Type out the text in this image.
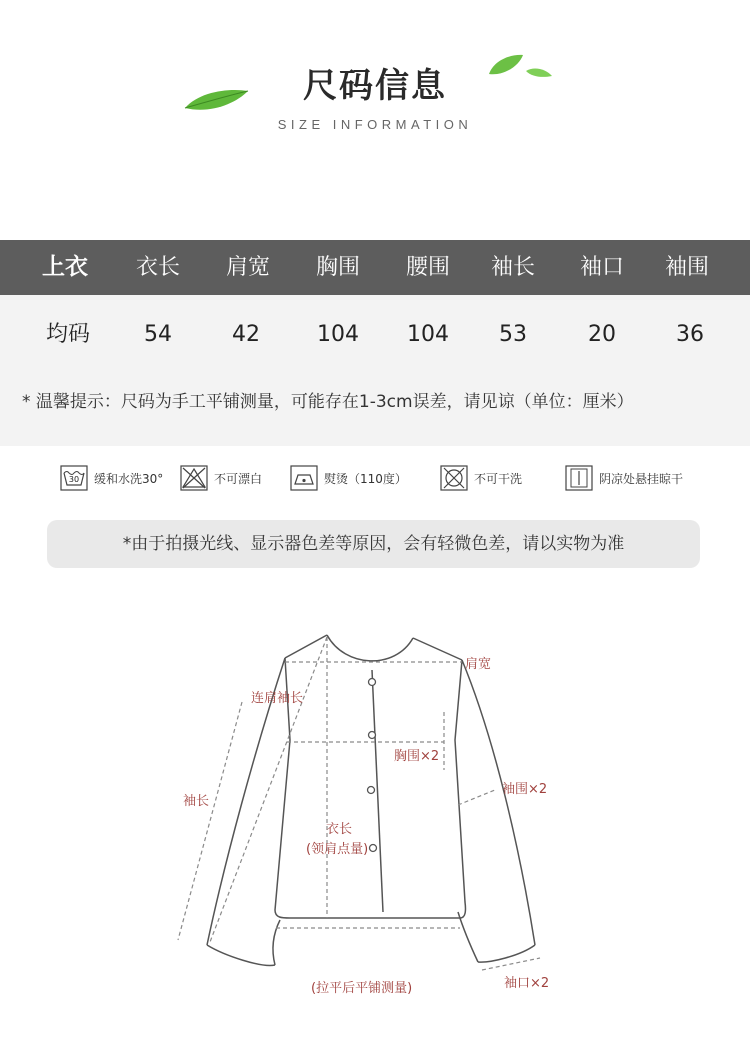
尺码信息
SIZE INFORMATION
上衣	衣长	肩宽	胸围	腰围	袖长	袖口	袖围
均码	54	42	104	104	53	20	36
* 温馨提示：尺码为手工平铺测量，可能存在1-3cm误差，请见谅（单位：厘米）
30 缓和水洗30°	不可漂白	熨烫（110度）	不可干洗	阴凉处悬挂晾干
*由于拍摄光线、显示器色差等原因，会有轻微色差，请以实物为准
肩宽
连肩袖长
胸围×2
袖围×2
袖长
衣长
(领肩点量)
袖口×2
(拉平后平铺测量)
